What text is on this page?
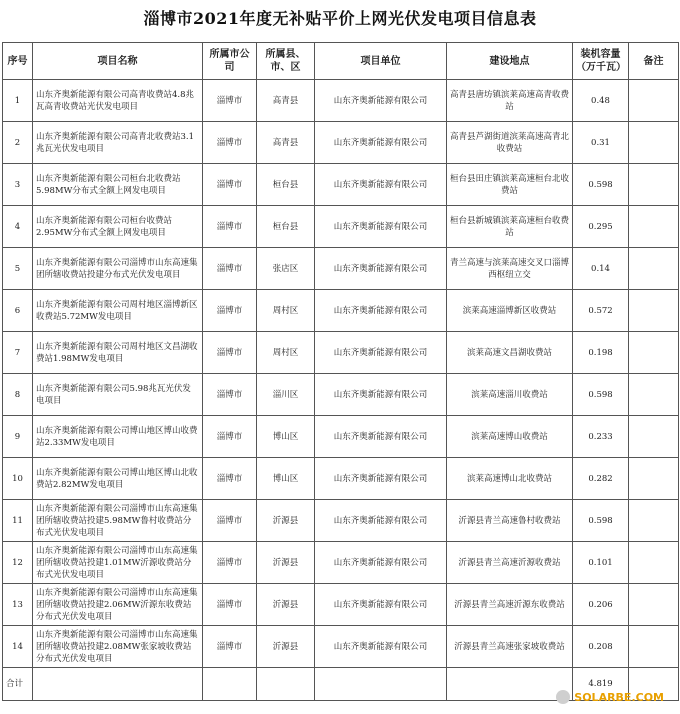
淄博市2021年度无补贴平价上网光伏发电项目信息表
序号	项目名称	所属市公司	所属县、市、区	项目单位	建设地点	装机容量（万千瓦）	备注
1	山东齐奥新能源有限公司高青收费站4.8兆瓦高青收费站光伏发电项目	淄博市	高青县	山东齐奥新能源有限公司	高青县唐坊镇滨莱高速高青收费站	0.48	
2	山东齐奥新能源有限公司高青北收费站3.1兆瓦光伏发电项目	淄博市	高青县	山东齐奥新能源有限公司	高青县芦湖街道滨莱高速高青北收费站	0.31	
3	山东齐奥新能源有限公司桓台北收费站5.98MW分布式全额上网发电项目	淄博市	桓台县	山东齐奥新能源有限公司	桓台县田庄镇滨莱高速桓台北收费站	0.598	
4	山东齐奥新能源有限公司桓台收费站2.95MW分布式全额上网发电项目	淄博市	桓台县	山东齐奥新能源有限公司	桓台县新城镇滨莱高速桓台收费站	0.295	
5	山东齐奥新能源有限公司淄博市山东高速集团所辖收费站投建分布式光伏发电项目	淄博市	张店区	山东齐奥新能源有限公司	青兰高速与滨莱高速交叉口淄博西枢纽立交	0.14	
6	山东齐奥新能源有限公司周村地区淄博新区收费站5.72MW发电项目	淄博市	周村区	山东齐奥新能源有限公司	滨莱高速淄博新区收费站	0.572	
7	山东齐奥新能源有限公司周村地区文昌湖收费站1.98MW发电项目	淄博市	周村区	山东齐奥新能源有限公司	滨莱高速文昌湖收费站	0.198	
8	山东齐奥新能源有限公司5.98兆瓦光伏发电项目	淄博市	淄川区	山东齐奥新能源有限公司	滨莱高速淄川收费站	0.598	
9	山东齐奥新能源有限公司博山地区博山收费站2.33MW发电项目	淄博市	博山区	山东齐奥新能源有限公司	滨莱高速博山收费站	0.233	
10	山东齐奥新能源有限公司博山地区博山北收费站2.82MW发电项目	淄博市	博山区	山东齐奥新能源有限公司	滨莱高速博山北收费站	0.282	
11	山东齐奥新能源有限公司淄博市山东高速集团所辖收费站投建5.98MW鲁村收费站分布式光伏发电项目	淄博市	沂源县	山东齐奥新能源有限公司	沂源县青兰高速鲁村收费站	0.598	
12	山东齐奥新能源有限公司淄博市山东高速集团所辖收费站投建1.01MW沂源收费站分布式光伏发电项目	淄博市	沂源县	山东齐奥新能源有限公司	沂源县青兰高速沂源收费站	0.101	
13	山东齐奥新能源有限公司淄博市山东高速集团所辖收费站投建2.06MW沂源东收费站分布式光伏发电项目	淄博市	沂源县	山东齐奥新能源有限公司	沂源县青兰高速沂源东收费站	0.206	
14	山东齐奥新能源有限公司淄博市山东高速集团所辖收费站投建2.08MW张家坡收费站分布式光伏发电项目	淄博市	沂源县	山东齐奥新能源有限公司	沂源县青兰高速张家坡收费站	0.208	
合计						4.819	
SOLARBE.COM
